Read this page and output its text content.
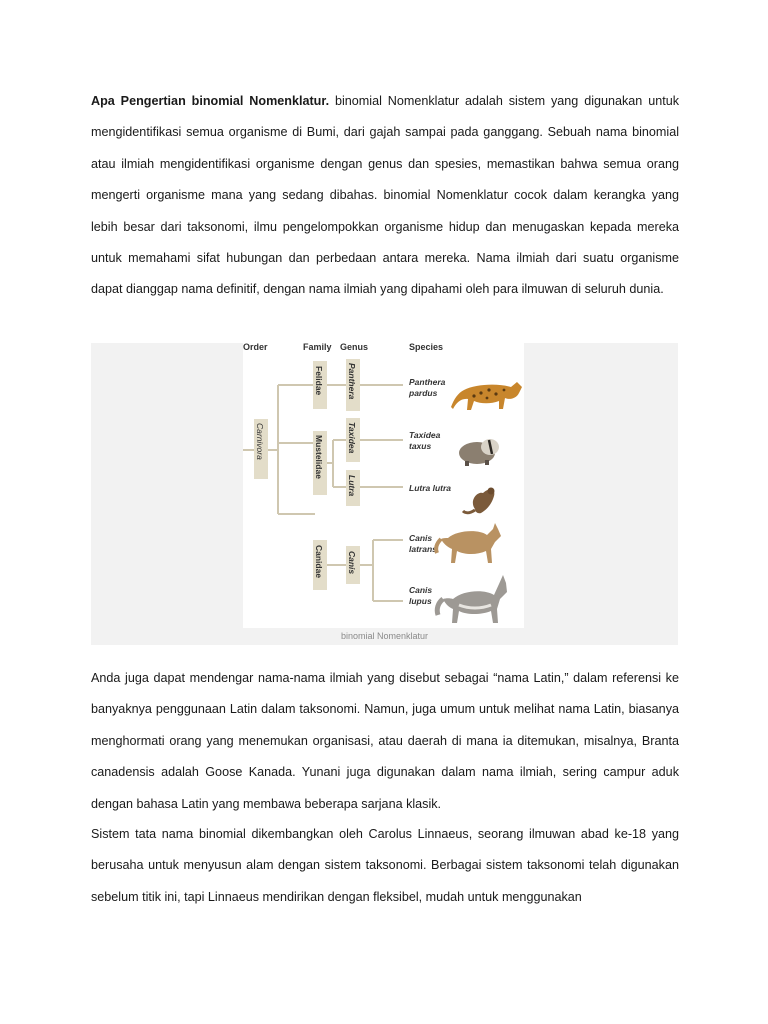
Apa Pengertian binomial Nomenklatur. binomial Nomenklatur adalah sistem yang digunakan untuk mengidentifikasi semua organisme di Bumi, dari gajah sampai pada ganggang. Sebuah nama binomial atau ilmiah mengidentifikasi organisme dengan genus dan spesies, memastikan bahwa semua orang mengerti organisme mana yang sedang dibahas. binomial Nomenklatur cocok dalam kerangka yang lebih besar dari taksonomi, ilmu pengelompokkan organisme hidup dan menugaskan kepada mereka untuk memahami sifat hubungan dan perbedaan antara mereka. Nama ilmiah dari suatu organisme dapat dianggap nama definitif, dengan nama ilmiah yang dipahami oleh para ilmuwan di seluruh dunia.

Order	Family Genus	Species
Carnivora
Felidae
Mustelidae
Canidae
Panthera
Taxidea
Lutra
Canis
Panthera
pardus
Taxidea
taxus
Lutra lutra
Canis
latrans
Canis
lupus
binomial Nomenklatur

Anda juga dapat mendengar nama-nama ilmiah yang disebut sebagai “nama Latin,” dalam referensi ke banyaknya penggunaan Latin dalam taksonomi. Namun, juga umum untuk melihat nama Latin, biasanya menghormati orang yang menemukan organisasi, atau daerah di mana ia ditemukan, misalnya, Branta canadensis adalah Goose Kanada. Yunani juga digunakan dalam nama ilmiah, sering campur aduk dengan bahasa Latin yang membawa beberapa sarjana klasik.

Sistem tata nama binomial dikembangkan oleh Carolus Linnaeus, seorang ilmuwan abad ke-18 yang berusaha untuk menyusun alam dengan sistem taksonomi. Berbagai sistem taksonomi telah digunakan sebelum titik ini, tapi Linnaeus mendirikan dengan fleksibel, mudah untuk menggunakan
